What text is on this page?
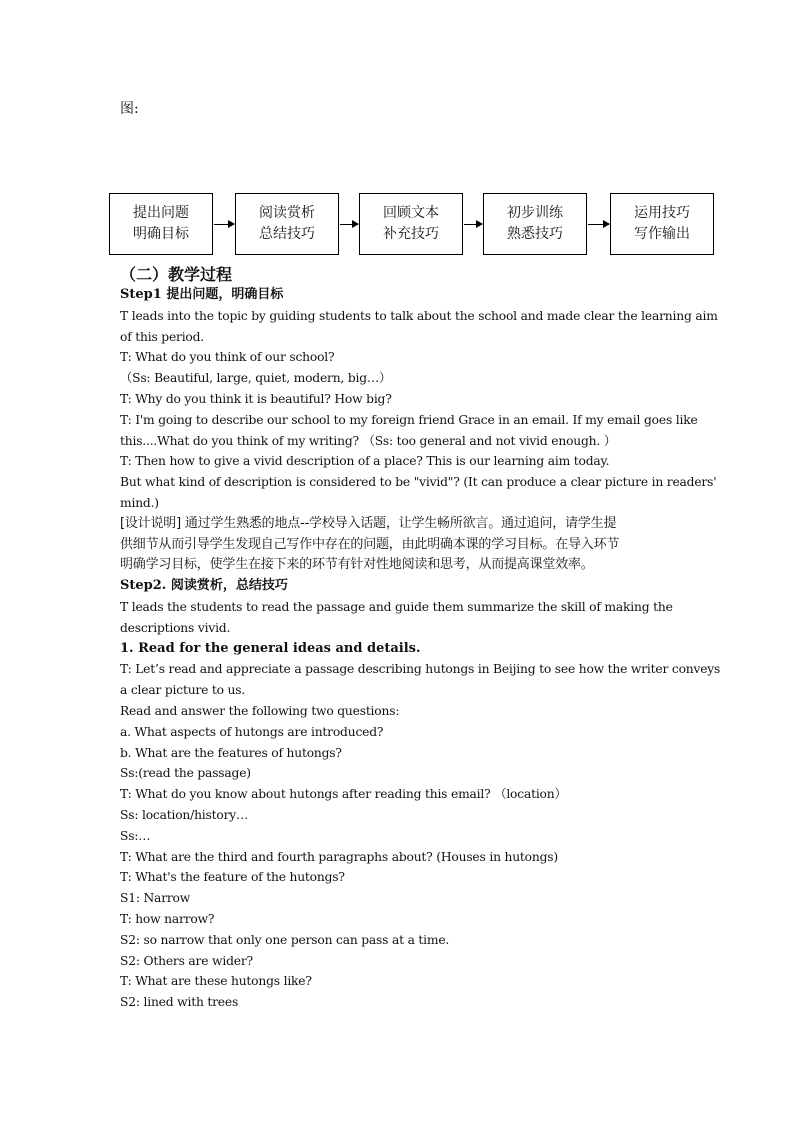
图:
提出问题
明确目标
阅读赏析
总结技巧
回顾文本
补充技巧
初步训练
熟悉技巧
运用技巧
写作输出
（二）教学过程
Step1 提出问题，明确目标
T leads into the topic by guiding students to talk about the school and made clear the learning aim
of this period.
T: What do you think of our school?
（Ss: Beautiful, large, quiet, modern, big…）
T: Why do you think it is beautiful? How big?
T: I'm going to describe our school to my foreign friend Grace in an email. If my email goes like
this....What do you think of my writing? （Ss: too general and not vivid enough. ）
T: Then how to give a vivid description of a place? This is our learning aim today.
But what kind of description is considered to be "vivid"? (It can produce a clear picture in readers'
mind.)
[设计说明] 通过学生熟悉的地点--学校导入话题，让学生畅所欲言。通过追问，请学生提
供细节从而引导学生发现自己写作中存在的问题，由此明确本课的学习目标。在导入环节
明确学习目标，使学生在接下来的环节有针对性地阅读和思考，从而提高课堂效率。
Step2. 阅读赏析，总结技巧
T leads the students to read the passage and guide them summarize the skill of making the
descriptions vivid.
1. Read for the general ideas and details.
T: Let’s read and appreciate a passage describing hutongs in Beijing to see how the writer conveys
a clear picture to us.
Read and answer the following two questions:
a. What aspects of hutongs are introduced?
b. What are the features of hutongs?
Ss:(read the passage)
T: What do you know about hutongs after reading this email? （location）
Ss: location/history…
Ss:…
T: What are the third and fourth paragraphs about? (Houses in hutongs)
T: What's the feature of the hutongs?
S1: Narrow
T: how narrow?
S2: so narrow that only one person can pass at a time.
S2: Others are wider?
T: What are these hutongs like?
S2: lined with trees
